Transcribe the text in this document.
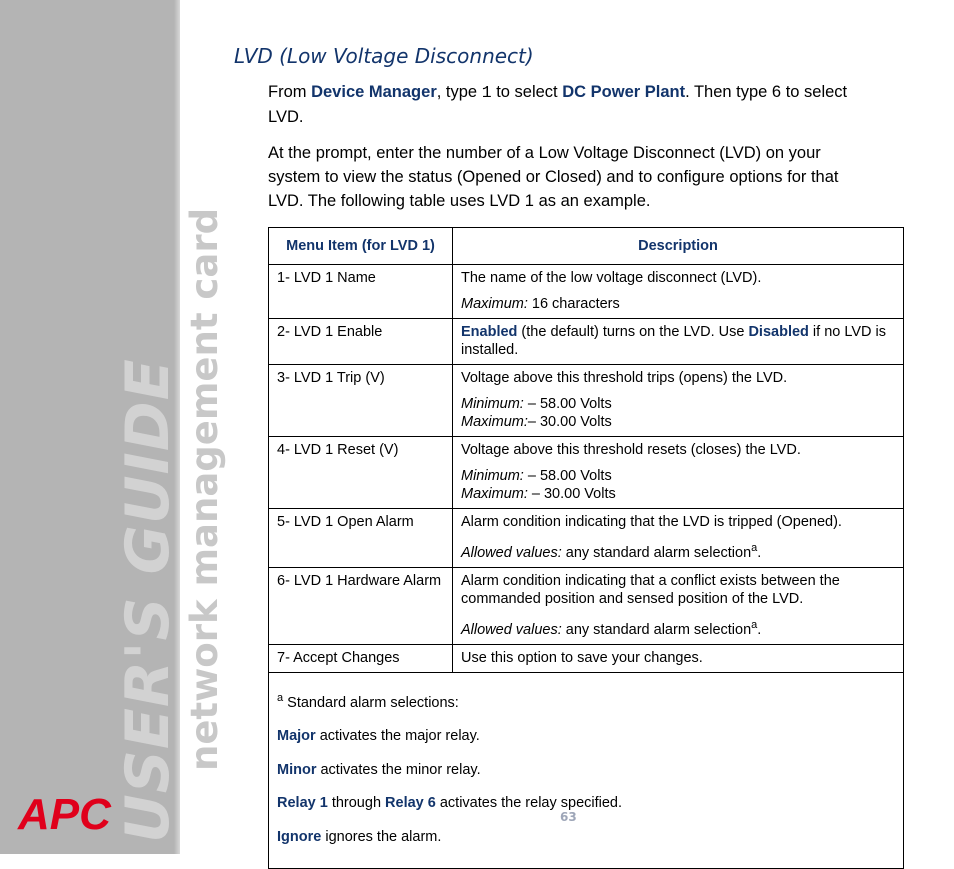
USER'S GUIDE network management card
APC
LVD (Low Voltage Disconnect)

From Device Manager, type 1 to select DC Power Plant. Then type 6 to select LVD.

At the prompt, enter the number of a Low Voltage Disconnect (LVD) on your system to view the status (Opened or Closed) and to configure options for that LVD. The following table uses LVD 1 as an example.

Menu Item (for LVD 1)	Description

1- LVD 1 Name	The name of the low voltage disconnect (LVD).

Maximum: 16 characters

2- LVD 1 Enable	Enabled (the default) turns on the LVD. Use Disabled if no LVD is installed.

3- LVD 1 Trip (V)	Voltage above this threshold trips (opens) the LVD.

Minimum: – 58.00 Volts

Maximum:– 30.00 Volts

4- LVD 1 Reset (V)	Voltage above this threshold resets (closes) the LVD.

Minimum: – 58.00 Volts

Maximum: – 30.00 Volts

5- LVD 1 Open Alarm	Alarm condition indicating that the LVD is tripped (Opened).

Allowed values: any standard alarm selection$^a$.

6- LVD 1 Hardware Alarm	Alarm condition indicating that a conflict exists between the commanded position and sensed position of the LVD.

Allowed values: any standard alarm selection$^a$.

7- Accept Changes	Use this option to save your changes.

$^a$ Standard alarm selections:

Major activates the major relay.

Minor activates the minor relay.

Relay 1 through Relay 6 activates the relay specified.

Ignore ignores the alarm.	

63
